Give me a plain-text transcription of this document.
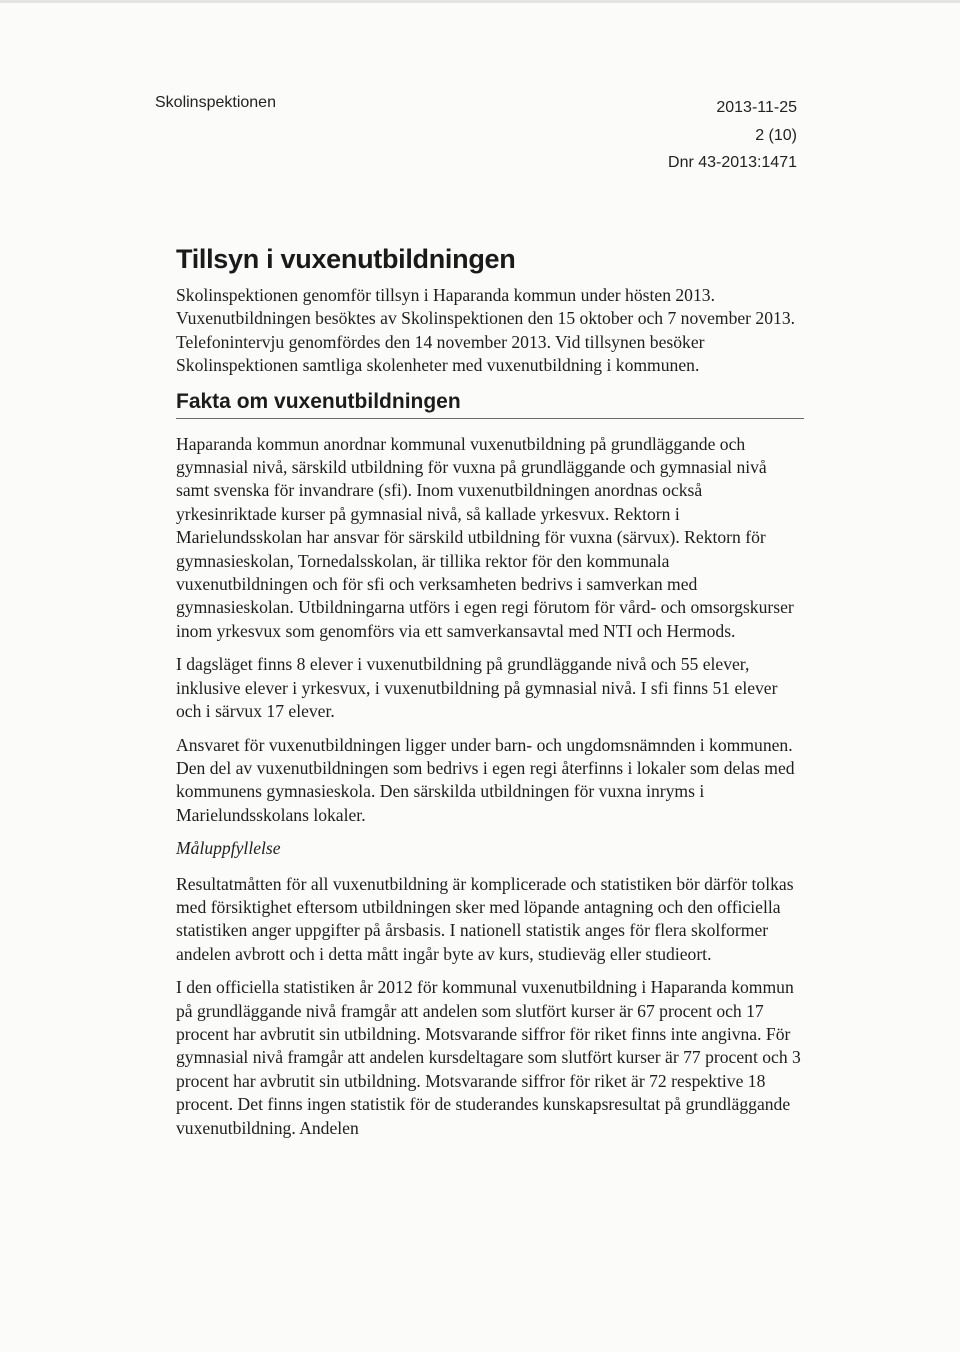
Skolinspektionen	2013-11-25
2 (10)
Dnr 43-2013:1471
Tillsyn i vuxenutbildningen

Skolinspektionen genomför tillsyn i Haparanda kommun under hösten 2013. Vuxenutbildningen besöktes av Skolinspektionen den 15 oktober och 7 november 2013. Telefonintervju genomfördes den 14 november 2013. Vid tillsynen besöker Skolinspektionen samtliga skolenheter med vuxenutbildning i kommunen.

Fakta om vuxenutbildningen

Haparanda kommun anordnar kommunal vuxenutbildning på grundläggande och gymnasial nivå, särskild utbildning för vuxna på grundläggande och gymnasial nivå samt svenska för invandrare (sfi). Inom vuxenutbildningen anordnas också yrkesinriktade kurser på gymnasial nivå, så kallade yrkesvux. Rektorn i Marielundsskolan har ansvar för särskild utbildning för vuxna (särvux). Rektorn för gymnasieskolan, Tornedalsskolan, är tillika rektor för den kommunala vuxenutbildningen och för sfi och verksamheten bedrivs i samverkan med gymnasieskolan. Utbildningarna utförs i egen regi förutom för vård- och omsorgskurser inom yrkesvux som genomförs via ett samverkansavtal med NTI och Hermods.

I dagsläget finns 8 elever i vuxenutbildning på grundläggande nivå och 55 elever, inklusive elever i yrkesvux, i vuxenutbildning på gymnasial nivå. I sfi finns 51 elever och i särvux 17 elever.

Ansvaret för vuxenutbildningen ligger under barn- och ungdomsnämnden i kommunen. Den del av vuxenutbildningen som bedrivs i egen regi återfinns i lokaler som delas med kommunens gymnasieskola. Den särskilda utbildningen för vuxna inryms i Marielundsskolans lokaler.

Måluppfyllelse

Resultatmåtten för all vuxenutbildning är komplicerade och statistiken bör därför tolkas med försiktighet eftersom utbildningen sker med löpande antagning och den officiella statistiken anger uppgifter på årsbasis. I nationell statistik anges för flera skolformer andelen avbrott och i detta mått ingår byte av kurs, studieväg eller studieort.

I den officiella statistiken år 2012 för kommunal vuxenutbildning i Haparanda kommun på grundläggande nivå framgår att andelen som slutfört kurser är 67 procent och 17 procent har avbrutit sin utbildning. Motsvarande siffror för riket finns inte angivna. För gymnasial nivå framgår att andelen kursdeltagare som slutfört kurser är 77 procent och 3 procent har avbrutit sin utbildning. Motsvarande siffror för riket är 72 respektive 18 procent. Det finns ingen statistik för de studerandes kunskapsresultat på grundläggande vuxenutbildning. Andelen
